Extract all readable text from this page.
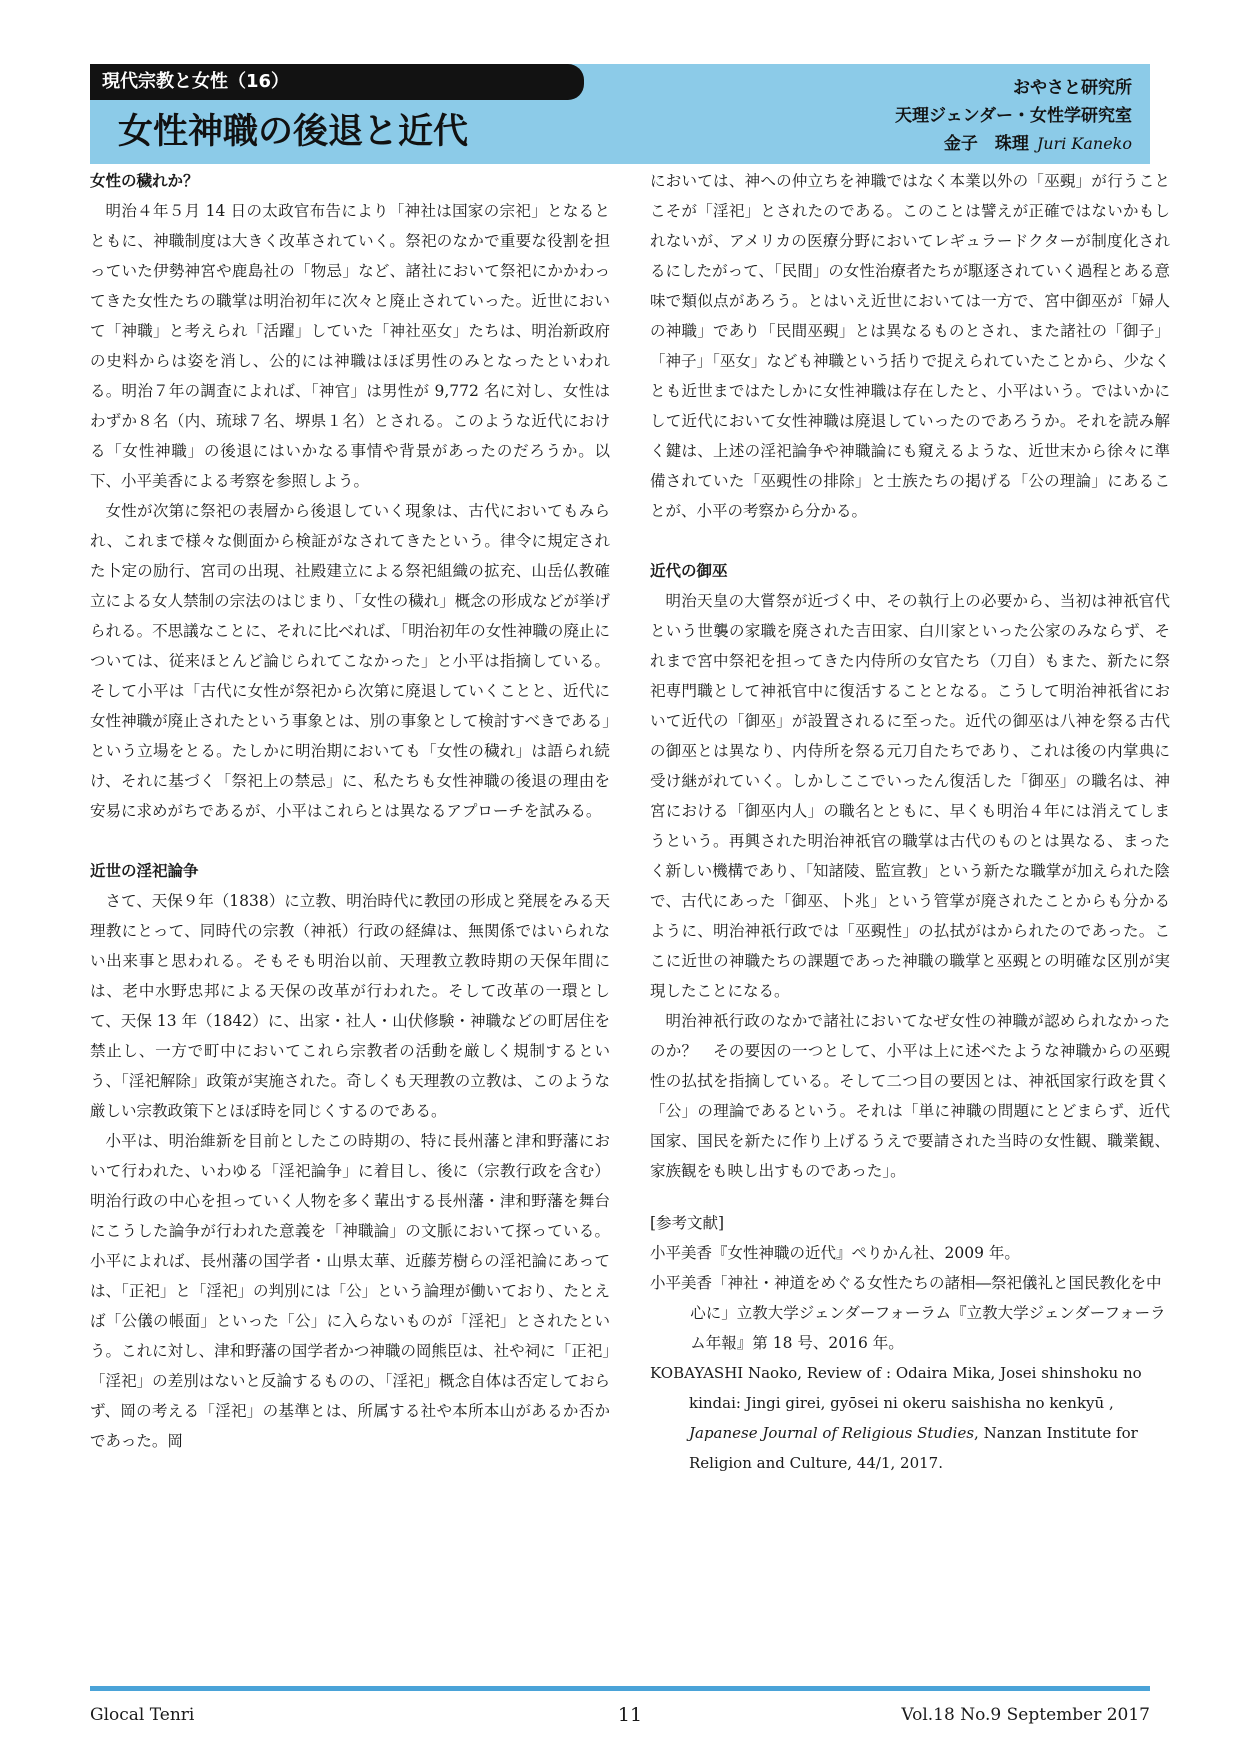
現代宗教と女性（16）
女性神職の後退と近代
おやさと研究所
天理ジェンダー・女性学研究室
金子　珠理 Juri Kaneko
女性の穢れか？

明治４年５月 14 日の太政官布告により「神社は国家の宗祀」となるとともに、神職制度は大きく改革されていく。祭祀のなかで重要な役割を担っていた伊勢神宮や鹿島社の「物忌」など、諸社において祭祀にかかわってきた女性たちの職掌は明治初年に次々と廃止されていった。近世において「神職」と考えられ「活躍」していた「神社巫女」たちは、明治新政府の史料からは姿を消し、公的には神職はほぼ男性のみとなったといわれる。明治７年の調査によれば、「神官」は男性が 9,772 名に対し、女性はわずか８名（内、琉球７名、堺県１名）とされる。このような近代における「女性神職」の後退にはいかなる事情や背景があったのだろうか。以下、小平美香による考察を参照しよう。

女性が次第に祭祀の表層から後退していく現象は、古代においてもみられ、これまで様々な側面から検証がなされてきたという。律令に規定された卜定の励行、宮司の出現、社殿建立による祭祀組織の拡充、山岳仏教確立による女人禁制の宗法のはじまり、「女性の穢れ」概念の形成などが挙げられる。不思議なことに、それに比べれば、「明治初年の女性神職の廃止については、従来ほとんど論じられてこなかった」と小平は指摘している。そして小平は「古代に女性が祭祀から次第に廃退していくことと、近代に女性神職が廃止されたという事象とは、別の事象として検討すべきである」という立場をとる。たしかに明治期においても「女性の穢れ」は語られ続け、それに基づく「祭祀上の禁忌」に、私たちも女性神職の後退の理由を安易に求めがちであるが、小平はこれらとは異なるアプローチを試みる。

近世の淫祀論争

さて、天保９年（1838）に立教、明治時代に教団の形成と発展をみる天理教にとって、同時代の宗教（神祇）行政の経緯は、無関係ではいられない出来事と思われる。そもそも明治以前、天理教立教時期の天保年間には、老中水野忠邦による天保の改革が行われた。そして改革の一環として、天保 13 年（1842）に、出家・社人・山伏修験・神職などの町居住を禁止し、一方で町中においてこれら宗教者の活動を厳しく規制するという、「淫祀解除」政策が実施された。奇しくも天理教の立教は、このような厳しい宗教政策下とほぼ時を同じくするのである。

小平は、明治維新を目前としたこの時期の、特に長州藩と津和野藩において行われた、いわゆる「淫祀論争」に着目し、後に（宗教行政を含む）明治行政の中心を担っていく人物を多く輩出する長州藩・津和野藩を舞台にこうした論争が行われた意義を「神職論」の文脈において探っている。小平によれば、長州藩の国学者・山県太華、近藤芳樹らの淫祀論にあっては、「正祀」と「淫祀」の判別には「公」という論理が働いており、たとえば「公儀の帳面」といった「公」に入らないものが「淫祀」とされたという。これに対し、津和野藩の国学者かつ神職の岡熊臣は、社や祠に「正祀」「淫祀」の差別はないと反論するものの、「淫祀」概念自体は否定しておらず、岡の考える「淫祀」の基準とは、所属する社や本所本山があるか否かであった。岡

においては、神への仲立ちを神職ではなく本業以外の「巫覡」が行うことこそが「淫祀」とされたのである。このことは譬えが正確ではないかもしれないが、アメリカの医療分野においてレギュラードクターが制度化されるにしたがって、「民間」の女性治療者たちが駆逐されていく過程とある意味で類似点があろう。とはいえ近世においては一方で、宮中御巫が「婦人の神職」であり「民間巫覡」とは異なるものとされ、また諸社の「御子」「神子」「巫女」なども神職という括りで捉えられていたことから、少なくとも近世まではたしかに女性神職は存在したと、小平はいう。ではいかにして近代において女性神職は廃退していったのであろうか。それを読み解く鍵は、上述の淫祀論争や神職論にも窺えるような、近世末から徐々に準備されていた「巫覡性の排除」と士族たちの掲げる「公の理論」にあることが、小平の考察から分かる。

近代の御巫

明治天皇の大嘗祭が近づく中、その執行上の必要から、当初は神祇官代という世襲の家職を廃された吉田家、白川家といった公家のみならず、それまで宮中祭祀を担ってきた内侍所の女官たち（刀自）もまた、新たに祭祀専門職として神祇官中に復活することとなる。こうして明治神祇省において近代の「御巫」が設置されるに至った。近代の御巫は八神を祭る古代の御巫とは異なり、内侍所を祭る元刀自たちであり、これは後の内掌典に受け継がれていく。しかしここでいったん復活した「御巫」の職名は、神宮における「御巫内人」の職名とともに、早くも明治４年には消えてしまうという。再興された明治神祇官の職掌は古代のものとは異なる、まったく新しい機構であり、「知諸陵、監宣教」という新たな職掌が加えられた陰で、古代にあった「御巫、卜兆」という管掌が廃されたことからも分かるように、明治神祇行政では「巫覡性」の払拭がはかられたのであった。ここに近世の神職たちの課題であった神職の職掌と巫覡との明確な区別が実現したことになる。

明治神祇行政のなかで諸社においてなぜ女性の神職が認められなかったのか？　その要因の一つとして、小平は上に述べたような神職からの巫覡性の払拭を指摘している。そして二つ目の要因とは、神祇国家行政を貫く「公」の理論であるという。それは「単に神職の問題にとどまらず、近代国家、国民を新たに作り上げるうえで要請された当時の女性観、職業観、家族観をも映し出すものであった」。

[参考文献]
小平美香『女性神職の近代』ぺりかん社、2009 年。
小平美香「神社・神道をめぐる女性たちの諸相―祭祀儀礼と国民教化を中心に」立教大学ジェンダーフォーラム『立教大学ジェンダーフォーラム年報』第 18 号、2016 年。
KOBAYASHI Naoko, Review of : Odaira Mika, Josei shinshoku no kindai: Jingi girei, gyōsei ni okeru saishisha no kenkyū , Japanese Journal of Religious Studies, Nanzan Institute for Religion and Culture, 44/1, 2017.
Glocal Tenri	11	Vol.18 No.9 September 2017
